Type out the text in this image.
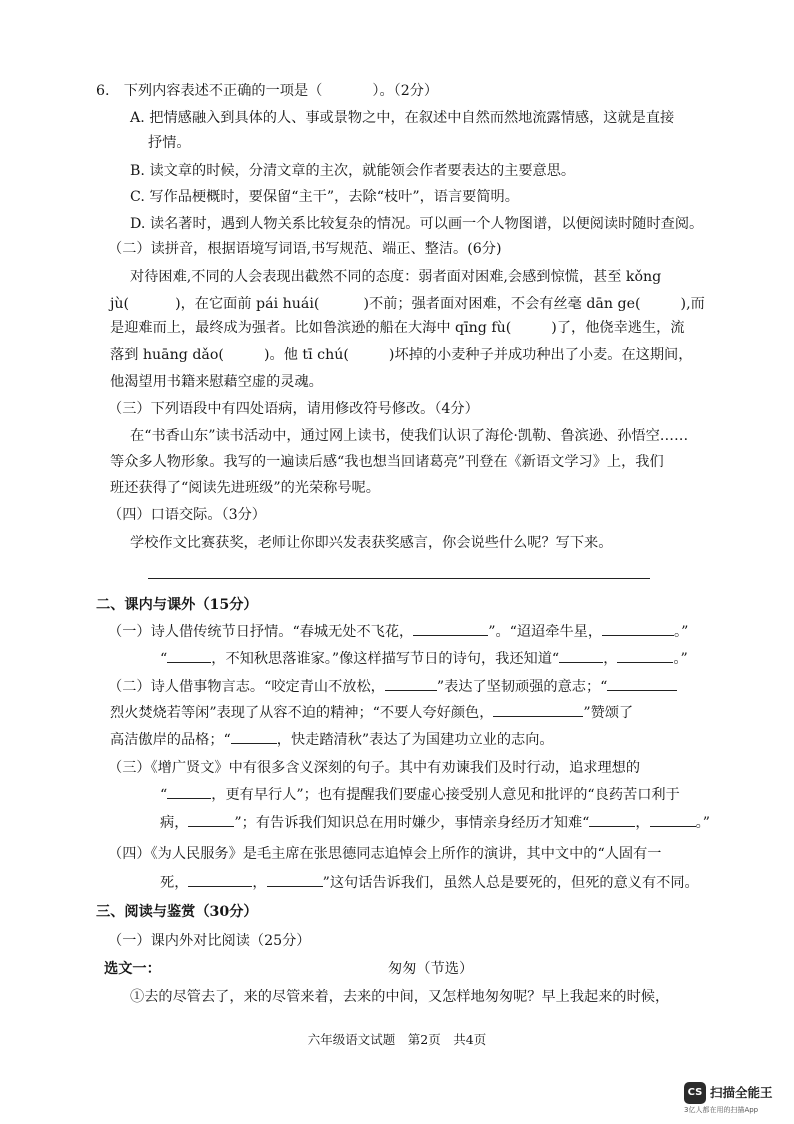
6.　下列内容表述不正确的一项是（	）。（2分）
A. 把情感融入到具体的人、事或景物之中，在叙述中自然而然地流露情感，这就是直接
抒情。
B. 读文章的时候，分清文章的主次，就能领会作者要表达的主要意思。
C. 写作品梗概时，要保留“主干”，去除“枝叶”，语言要简明。
D. 读名著时，遇到人物关系比较复杂的情况。可以画一个人物图谱，以便阅读时随时查阅。
（二）读拼音，根据语境写词语,书写规范、端正、整洁。(6分)
对待困难,不同的人会表现出截然不同的态度：弱者面对困难,会感到惊慌，甚至 kǒng
jù(	)，在它面前 pái huái(	)不前；强者面对困难，不会有丝毫 dān ge(	),而
是迎难而上，最终成为强者。比如鲁滨逊的船在大海中 qīng fù(	)了，他侥幸逃生，流
落到 huāng dǎo(	)。他 tī chú(	)坏掉的小麦种子并成功种出了小麦。在这期间，
他渴望用书籍来慰藉空虚的灵魂。
（三）下列语段中有四处语病，请用修改符号修改。（4分）
在“书香山东”读书活动中，通过网上读书，使我们认识了海伦·凯勒、鲁滨逊、孙悟空……
等众多人物形象。我写的一遍读后感“我也想当回诸葛亮”刊登在《新语文学习》上，我们
班还获得了“阅读先进班级”的光荣称号呢。
（四）口语交际。（3分）
学校作文比赛获奖，老师让你即兴发表获奖感言，你会说些什么呢？写下来。
二、课内与课外（15分）
（一）诗人借传统节日抒情。“春城无处不飞花，	”。“迢迢牵牛星，	。”
“	，不知秋思落谁家。”像这样描写节日的诗句，我还知道“	，	。”
（二）诗人借事物言志。“咬定青山不放松，	”表达了坚韧顽强的意志；“
烈火焚烧若等闲”表现了从容不迫的精神；“不要人夸好颜色，	”赞颂了
高洁傲岸的品格；“	，快走踏清秋”表达了为国建功立业的志向。
（三）《增广贤文》中有很多含义深刻的句子。其中有劝谏我们及时行动，追求理想的
“	，更有早行人”；也有提醒我们要虚心接受别人意见和批评的“良药苦口利于
病，	”；有告诉我们知识总在用时嫌少，事情亲身经历才知难“	，	。”
（四）《为人民服务》是毛主席在张思德同志追悼会上所作的演讲，其中文中的“人固有一
死，	，	”这句话告诉我们，虽然人总是要死的，但死的意义有不同。
三、阅读与鉴赏（30分）
（一）课内外对比阅读（25分）
选文一：	匆匆（节选）
①去的尽管去了，来的尽管来着，去来的中间，又怎样地匆匆呢？早上我起来的时候，
六年级语文试题　第2页　共4页
CS 扫描全能王
3亿人都在用的扫描App
